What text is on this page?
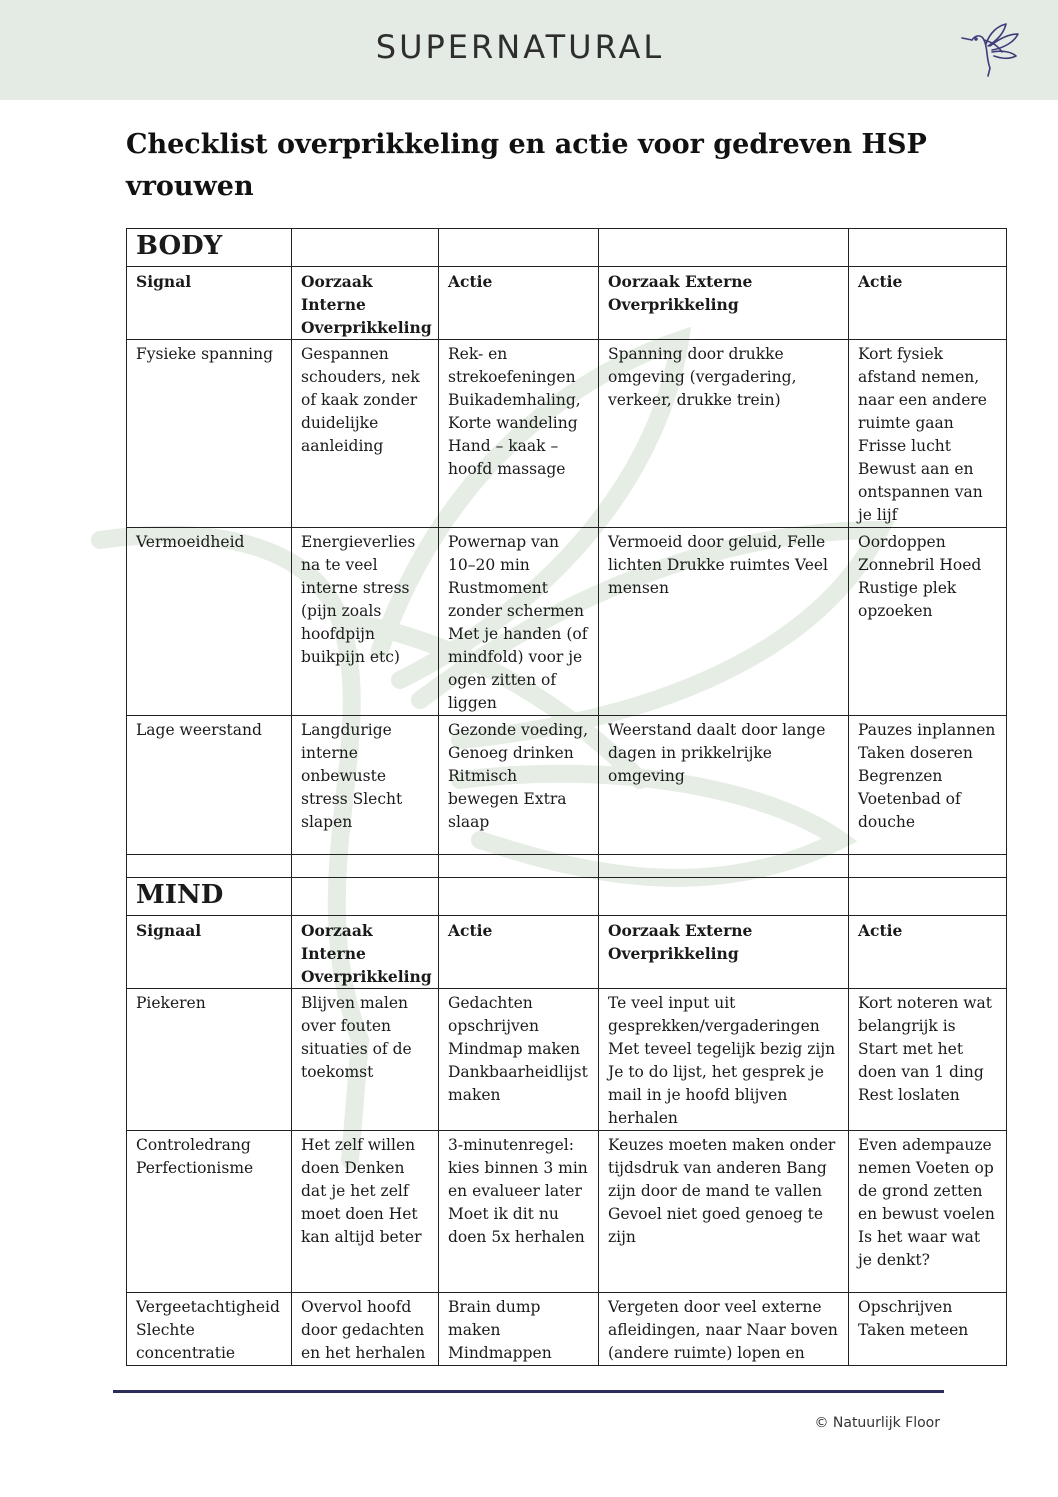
SUPERNATURAL
Checklist overprikkeling en actie voor gedreven HSP vrouwen
BODY				
Signal	Oorzaak Interne Overprikkeling	Actie	Oorzaak Externe Overprikkeling	Actie
Fysieke spanning	Gespannen schouders, nek of kaak zonder duidelijke aanleiding	Rek- en strekoefeningen Buikademhaling, Korte wandeling Hand – kaak – hoofd massage	Spanning door drukke omgeving (vergadering, verkeer, drukke trein)	Kort fysiek afstand nemen, naar een andere ruimte gaan Frisse lucht Bewust aan en ontspannen van je lijf
Vermoeidheid	Energieverlies na te veel interne stress (pijn zoals hoofdpijn buikpijn etc)	Powernap van 10–20 min Rustmoment zonder schermen Met je handen (of mindfold) voor je ogen zitten of liggen	Vermoeid door geluid, Felle lichten Drukke ruimtes Veel mensen	Oordoppen Zonnebril Hoed Rustige plek opzoeken
Lage weerstand	Langdurige interne onbewuste stress Slecht slapen	Gezonde voeding, Genoeg drinken Ritmisch bewegen Extra slaap	Weerstand daalt door lange dagen in prikkelrijke omgeving	Pauzes inplannen Taken doseren Begrenzen Voetenbad of douche

MIND				
Signaal	Oorzaak Interne Overprikkeling	Actie	Oorzaak Externe Overprikkeling	Actie
Piekeren	Blijven malen over fouten situaties of de toekomst	Gedachten opschrijven Mindmap maken Dankbaarheidlijst maken	Te veel input uit gesprekken/vergaderingen Met teveel tegelijk bezig zijn Je to do lijst, het gesprek je mail in je hoofd blijven herhalen	Kort noteren wat belangrijk is Start met het doen van 1 ding Rest loslaten
Controledrang Perfectionisme	Het zelf willen doen Denken dat je het zelf moet doen Het kan altijd beter	3-minutenregel: kies binnen 3 min en evalueer later Moet ik dit nu doen 5x herhalen	Keuzes moeten maken onder tijdsdruk van anderen Bang zijn door de mand te vallen Gevoel niet goed genoeg te zijn	Even adempauze nemen Voeten op de grond zetten en bewust voelen Is het waar wat je denkt?
Vergeetachtigheid Slechte concentratie	Overvol hoofd door gedachten en het herhalen	Brain dump maken Mindmappen	Vergeten door veel externe afleidingen, naar Naar boven (andere ruimte) lopen en	Opschrijven Taken meteen
© Natuurlijk Floor
